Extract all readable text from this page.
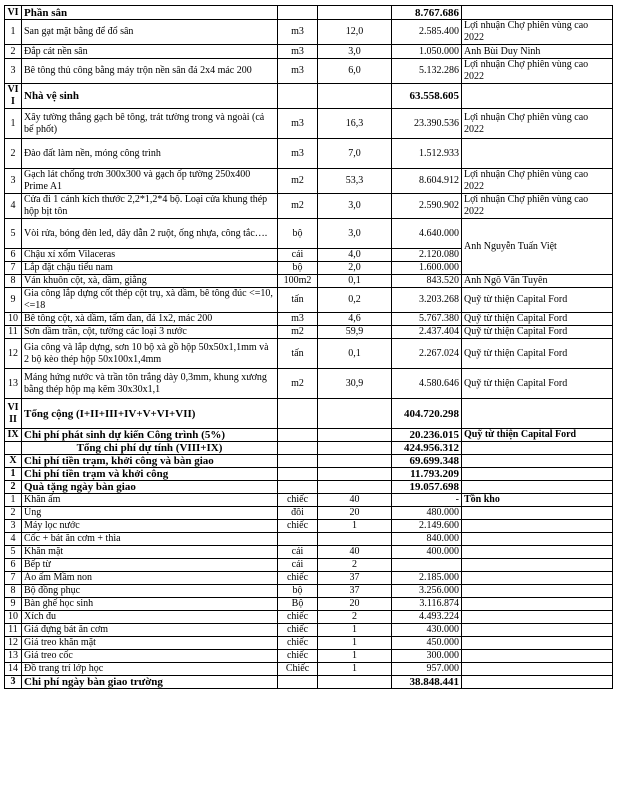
VI	Phần sân			8.767.686	
1	San gạt mặt bằng để đổ sân	m3	12,0	2.585.400	Lợi nhuận Chợ phiên vùng cao 2022
2	Đắp cát nền sân	m3	3,0	1.050.000	Anh Bùi Duy Ninh
3	Bê tông thủ công bằng máy trộn nền sân đá 2x4 mác 200	m3	6,0	5.132.286	Lợi nhuận Chợ phiên vùng cao 2022
VI I	Nhà vệ sinh			63.558.605	
1	Xây tường thẳng gạch bê tông, trát tường trong và ngoài (cả bể phốt)	m3	16,3	23.390.536	Lợi nhuận Chợ phiên vùng cao 2022
2	Đào đất làm nền, móng công trình	m3	7,0	1.512.933	
3	Gạch lát chống trơn 300x300 và gạch ốp tường 250x400 Prime A1	m2	53,3	8.604.912	Lợi nhuận Chợ phiên vùng cao 2022
4	Cửa đi 1 cánh kích thước 2,2*1,2*4 bộ. Loại cửa khung thép hộp bịt tôn	m2	3,0	2.590.902	Lợi nhuận Chợ phiên vùng cao 2022
5	Vòi rửa, bóng đèn led, dây dẫn 2 ruột, ống nhựa, công tắc….	bộ	3,0	4.640.000	Anh Nguyễn Tuấn Việt
6	Chậu xí xổm Vilaceras	cái	4,0	2.120.080	
7	Lắp đặt chậu tiểu nam	bộ	2,0	1.600.000	
8	Ván khuôn cột, xà, dầm, giằng	100m2	0,1	843.520	Anh Ngô Văn Tuyên
9	Gia công lắp dựng cốt thép cột trụ, xà dầm, bê tông đúc <=10, <=18	tấn	0,2	3.203.268	Quỹ từ thiện Capital Ford
10	Bê tông cột, xà dầm, tấm đan, đá 1x2, mác 200	m3	4,6	5.767.380	Quỹ từ thiện Capital Ford
11	Sơn dầm trần, cột, tường các loại 3 nước	m2	59,9	2.437.404	Quỹ từ thiện Capital Ford
12	Gia công và lắp dựng, sơn 10 bộ xà gồ hộp 50x50x1,1mm và 2 bộ kèo thép hộp 50x100x1,4mm	tấn	0,1	2.267.024	Quỹ từ thiện Capital Ford
13	Máng hứng nước và trần tôn trắng dày 0,3mm, khung xương bằng thép hộp mạ kẽm 30x30x1,1	m2	30,9	4.580.646	Quỹ từ thiện Capital Ford
VI II	Tổng cộng (I+II+III+IV+V+VI+VII)			404.720.298	
IX	Chi phí phát sinh dự kiến Công trình (5%)			20.236.015	Quỹ từ thiện Capital Ford
	Tổng chi phí dự tính (VIII+IX)			424.956.312	
X	Chi phí tiền trạm, khởi công và bàn giao			69.699.348	
1	Chi phí tiền trạm và khởi công			11.793.209	
2	Quà tặng ngày bàn giao			19.057.698	
1	Khăn ấm	chiếc	40	-	Tồn kho
2	Ủng	đôi	20	480.000	
3	Máy lọc nước	chiếc	1	2.149.600	
4	Cốc + bát ăn cơm + thìa			840.000	
5	Khăn mặt	cái	40	400.000	
6	Bếp từ	cái	2		
7	Áo ấm Mầm non	chiếc	37	2.185.000	
8	Bộ đồng phục	bộ	37	3.256.000	
9	Bàn ghế học sinh	Bộ	20	3.116.874	
10	Xích đu	chiếc	2	4.493.224	
11	Giá đựng bát ăn cơm	chiếc	1	430.000	
12	Giá treo khăn mặt	chiếc	1	450.000	
13	Giá treo cốc	chiếc	1	300.000	
14	Đồ trang trí lớp học	Chiếc	1	957.000	
3	Chi phí ngày bàn giao trường			38.848.441	
